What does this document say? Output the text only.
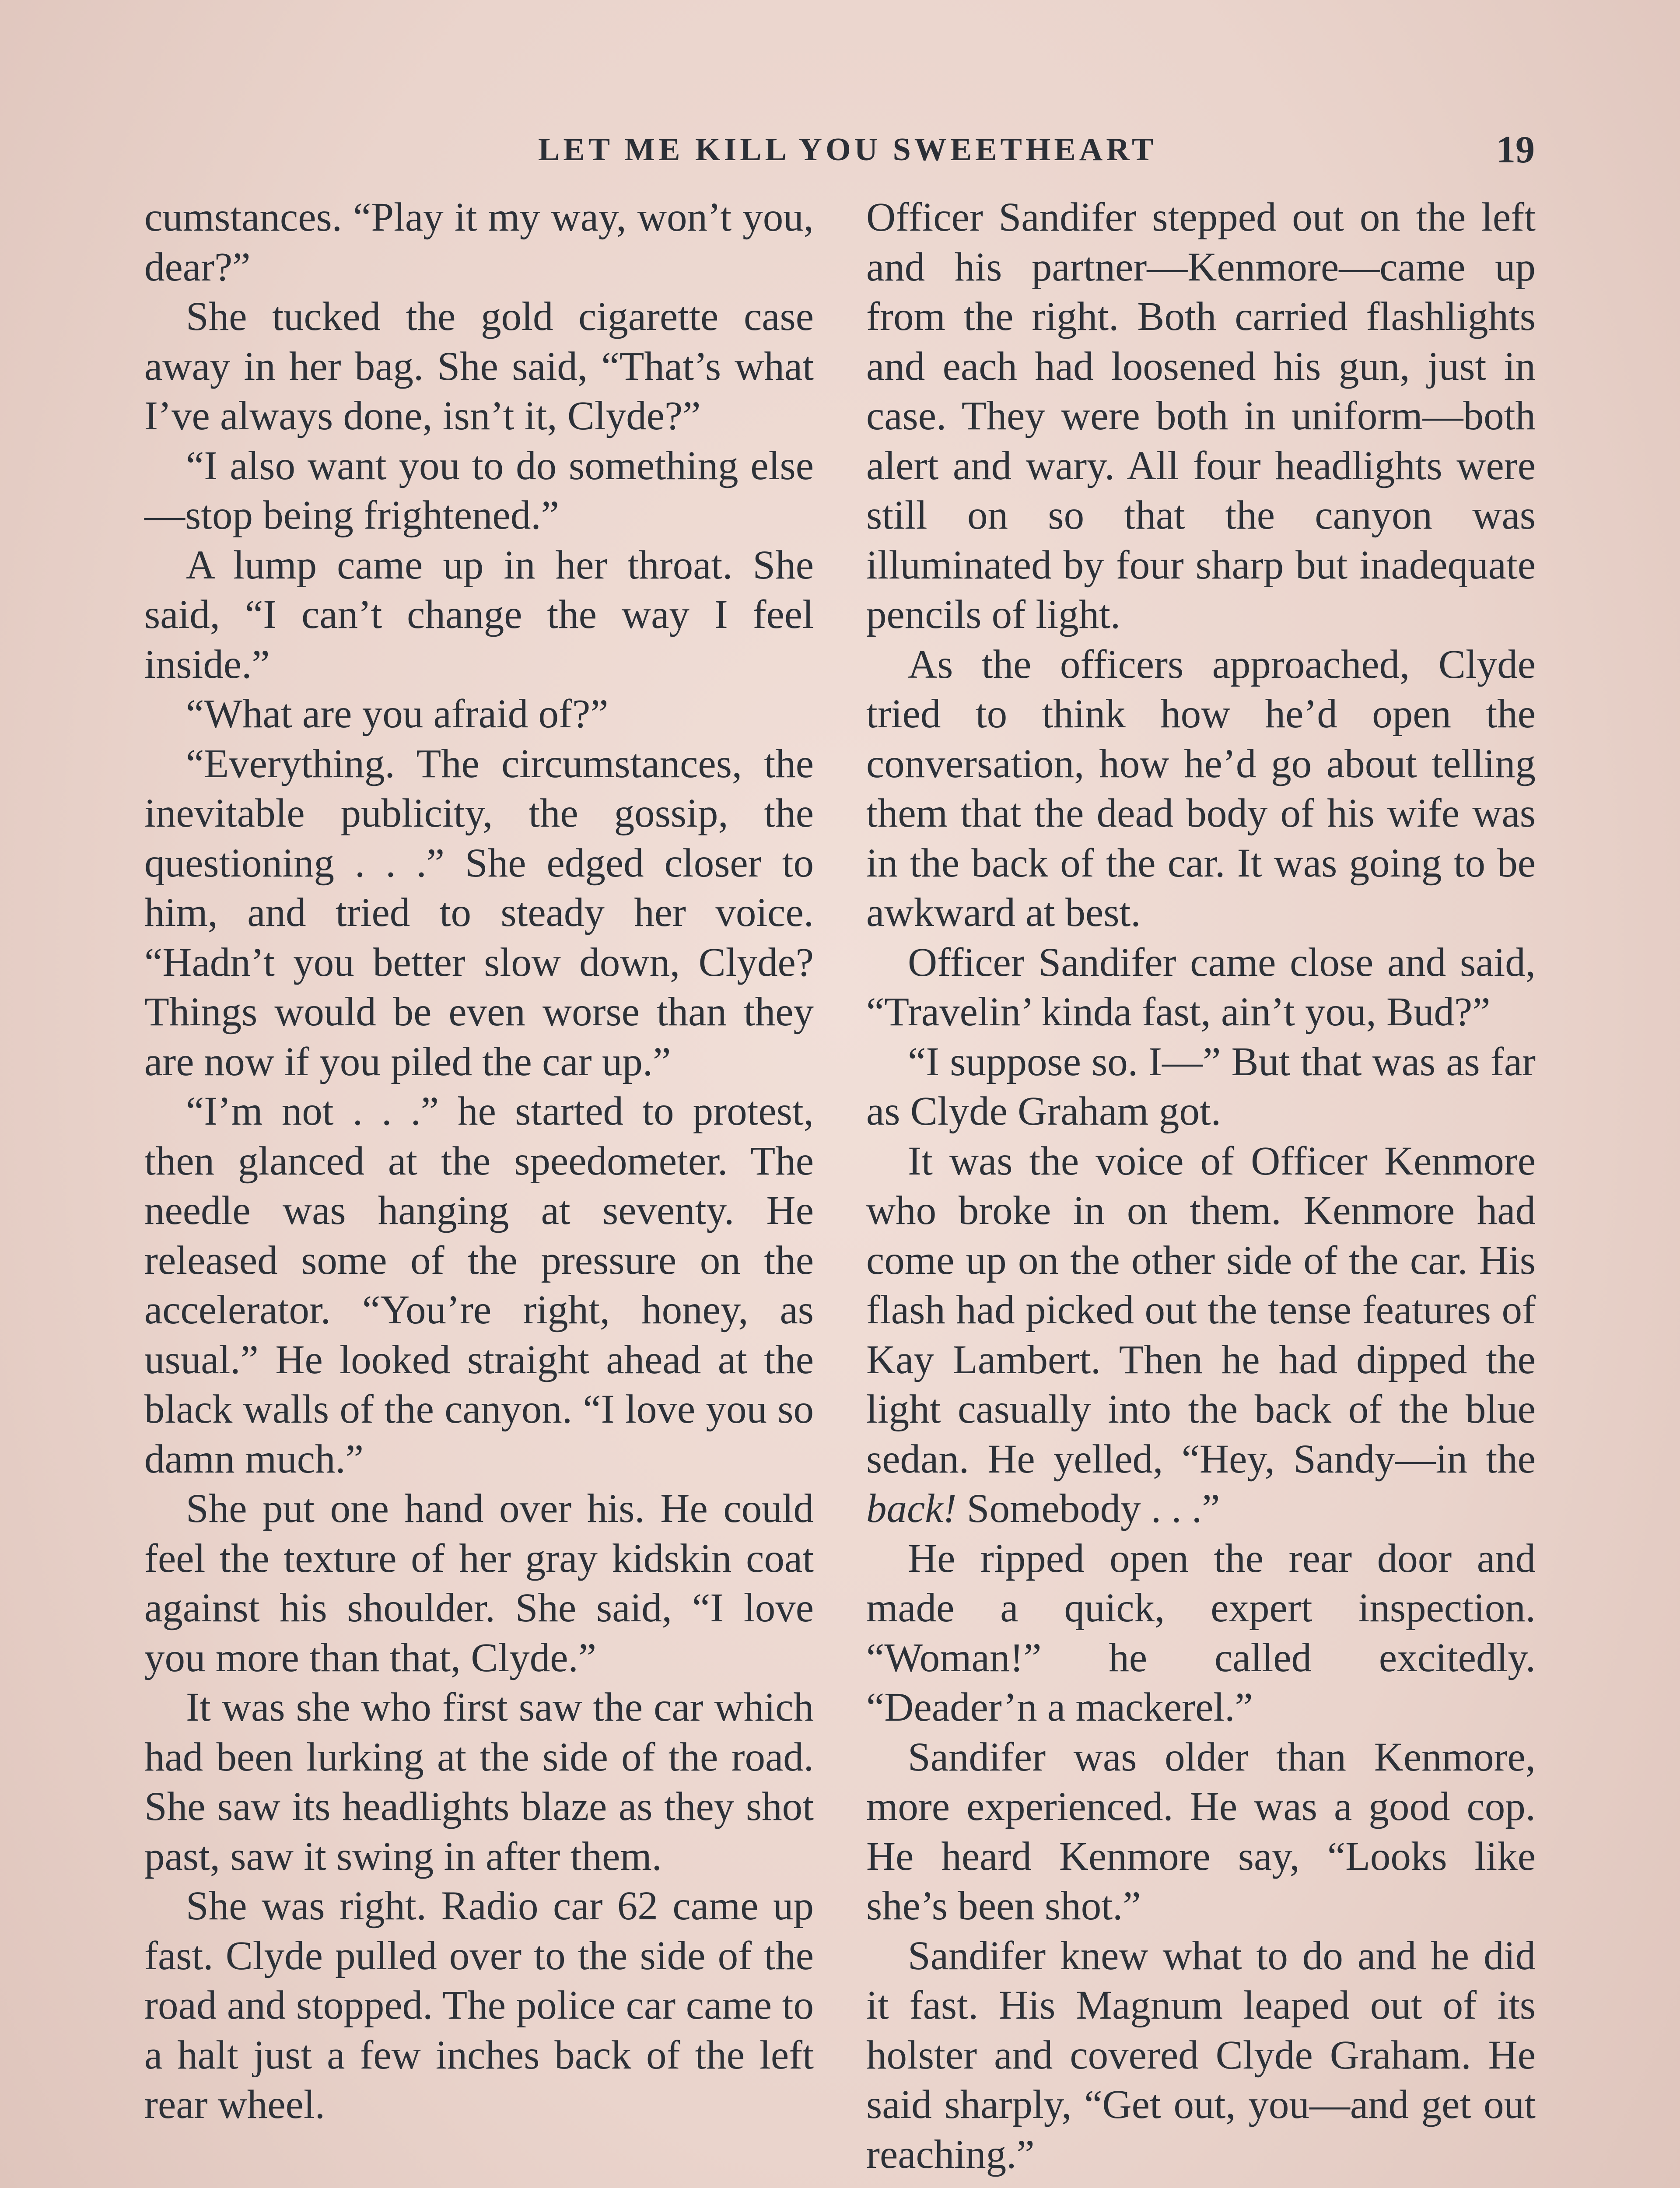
LET ME KILL YOU SWEETHEART	19

cumstances. “Play it my way, won’t you, dear?”

She tucked the gold cigarette case away in her bag. She said, “That’s what I’ve always done, isn’t it, Clyde?”

“I also want you to do something else—stop being frightened.”

A lump came up in her throat. She said, “I can’t change the way I feel inside.”

“What are you afraid of?”

“Everything. The circumstances, the inevitable publicity, the gossip, the questioning . . .” She edged closer to him, and tried to steady her voice. “Hadn’t you better slow down, Clyde? Things would be even worse than they are now if you piled the car up.”

“I’m not . . .” he started to protest, then glanced at the speedometer. The needle was hanging at seventy. He released some of the pressure on the accelerator. “You’re right, honey, as usual.” He looked straight ahead at the black walls of the canyon. “I love you so damn much.”

She put one hand over his. He could feel the texture of her gray kidskin coat against his shoulder. She said, “I love you more than that, Clyde.”

It was she who first saw the car which had been lurking at the side of the road. She saw its headlights blaze as they shot past, saw it swing in after them.

She was right. Radio car 62 came up fast. Clyde pulled over to the side of the road and stopped. The police car came to a halt just a few inches back of the left rear wheel.

Officer Sandifer stepped out on the left and his partner—Kenmore—came up from the right. Both carried flashlights and each had loosened his gun, just in case. They were both in uniform—both alert and wary. All four headlights were still on so that the canyon was illuminated by four sharp but inadequate pencils of light.

As the officers approached, Clyde tried to think how he’d open the conversation, how he’d go about telling them that the dead body of his wife was in the back of the car. It was going to be awkward at best.

Officer Sandifer came close and said, “Travelin’ kinda fast, ain’t you, Bud?”

“I suppose so. I—” But that was as far as Clyde Graham got.

It was the voice of Officer Kenmore who broke in on them. Kenmore had come up on the other side of the car. His flash had picked out the tense features of Kay Lambert. Then he had dipped the light casually into the back of the blue sedan. He yelled, “Hey, Sandy—in the back! Somebody . . .”

He ripped open the rear door and made a quick, expert inspection. “Woman!” he called excitedly. “Deader’n a mackerel.”

Sandifer was older than Kenmore, more experienced. He was a good cop. He heard Kenmore say, “Looks like she’s been shot.”

Sandifer knew what to do and he did it fast. His Magnum leaped out of its holster and covered Clyde Graham. He said sharply, “Get out, you—and get out reaching.”
